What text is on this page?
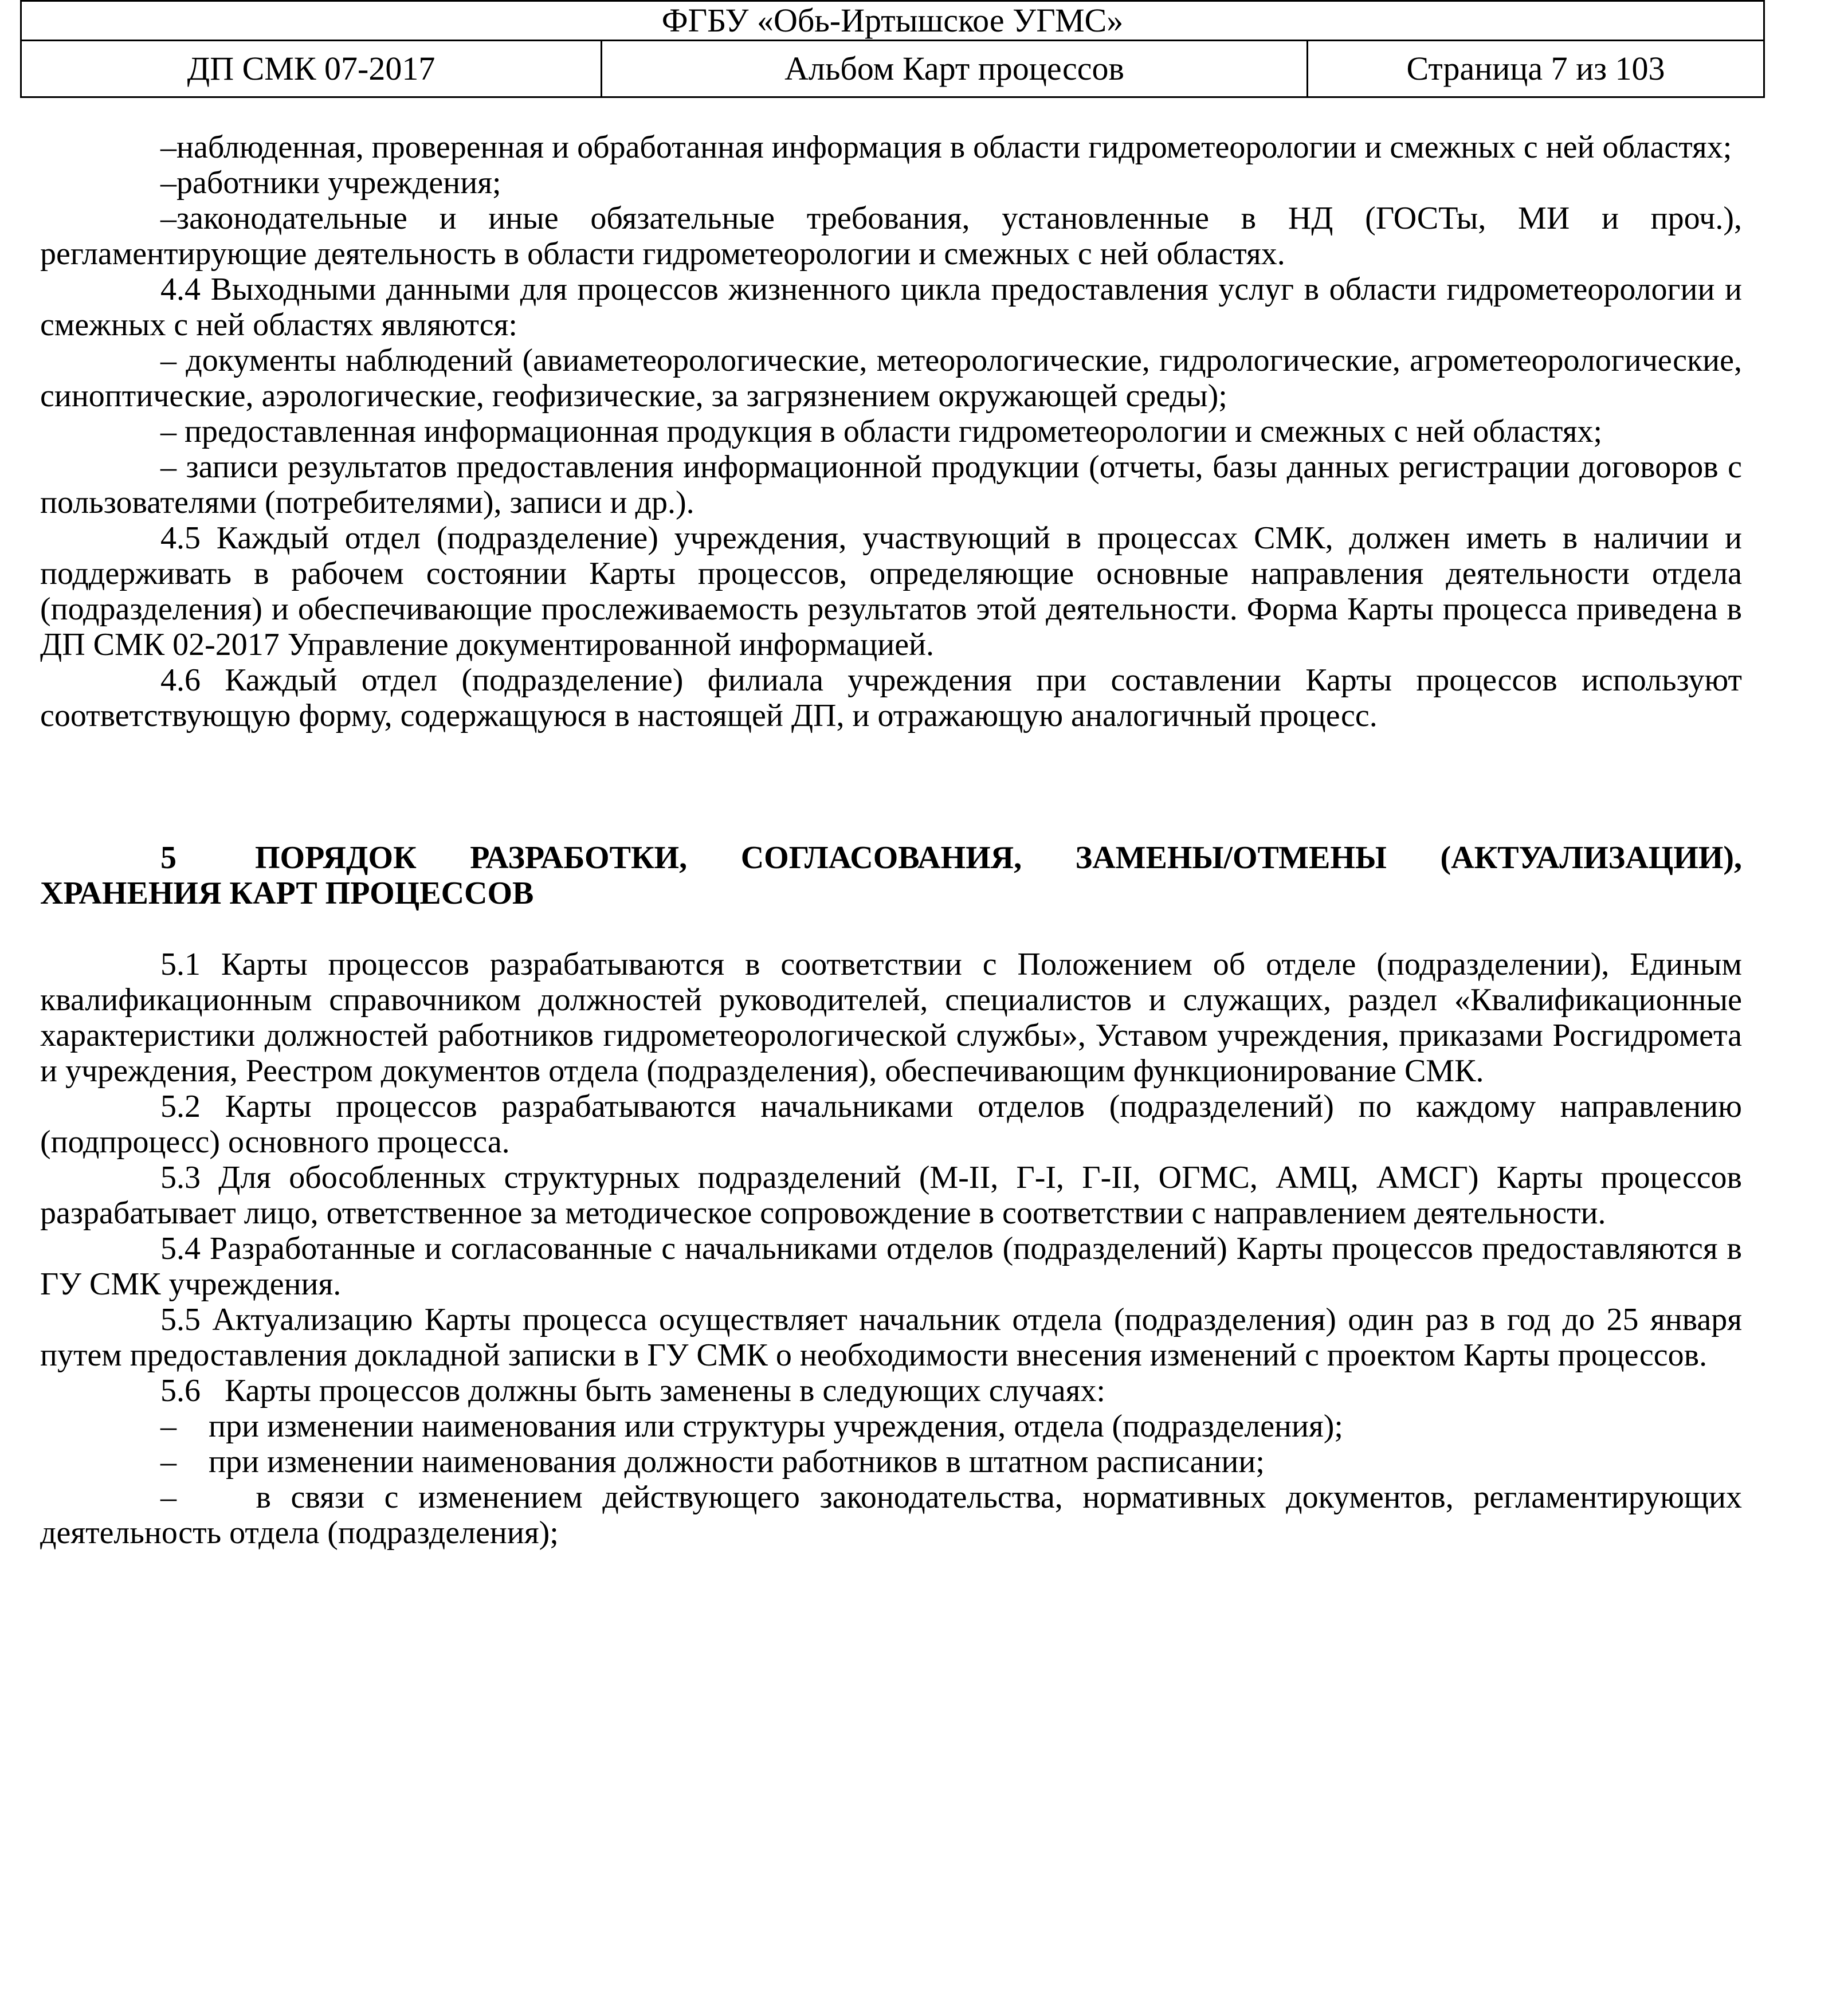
ФГБУ «Обь-Иртышское УГМС»
ДП СМК 07-2017	Альбом Карт процессов	Страница 7 из 103

–наблюденная, проверенная и обработанная информация в области гидрометеорологии и смежных с ней областях;

–работники учреждения;

–законодательные и иные обязательные требования, установленные в НД (ГОСТы, МИ и проч.), регламентирующие деятельность в области гидрометеорологии и смежных с ней областях.

4.4 Выходными данными для процессов жизненного цикла предоставления услуг в области гидрометеорологии и смежных с ней областях являются:

– документы наблюдений (авиаметеорологические, метеорологические, гидрологические, агрометеорологические, синоптические, аэрологические, геофизические, за загрязнением окружающей среды);

– предоставленная информационная продукция в области гидрометеорологии и смежных с ней областях;

– записи результатов предоставления информационной продукции (отчеты, базы данных регистрации договоров с пользователями (потребителями), записи и др.).

4.5 Каждый отдел (подразделение) учреждения, участвующий в процессах СМК, должен иметь в наличии и поддерживать в рабочем состоянии Карты процессов, определяющие основные направления деятельности отдела (подразделения) и обеспечивающие прослеживаемость результатов этой деятельности. Форма Карты процесса приведена в ДП СМК 02-2017 Управление документированной информацией.

4.6 Каждый отдел (подразделение) филиала учреждения при составлении Карты процессов используют соответствующую форму, содержащуюся в настоящей ДП, и отражающую аналогичный процесс.

5 ПОРЯДОК РАЗРАБОТКИ, СОГЛАСОВАНИЯ, ЗАМЕНЫ/ОТМЕНЫ (АКТУАЛИЗАЦИИ), ХРАНЕНИЯ КАРТ ПРОЦЕССОВ

5.1 Карты процессов разрабатываются в соответствии с Положением об отделе (подразделении), Единым квалификационным справочником должностей руководителей, специалистов и служащих, раздел «Квалификационные характеристики должностей работников гидрометеорологической службы», Уставом учреждения, приказами Росгидромета и учреждения, Реестром документов отдела (подразделения), обеспечивающим функционирование СМК.

5.2 Карты процессов разрабатываются начальниками отделов (подразделений) по каждому направлению (подпроцесс) основного процесса.

5.3 Для обособленных структурных подразделений (М-II, Г-I, Г-II, ОГМС, АМЦ, АМСГ) Карты процессов разрабатывает лицо, ответственное за методическое сопровождение в соответствии с направлением деятельности.

5.4 Разработанные и согласованные с начальниками отделов (подразделений) Карты процессов предоставляются в ГУ СМК учреждения.

5.5 Актуализацию Карты процесса осуществляет начальник отдела (подразделения) один раз в год до 25 января путем предоставления докладной записки в ГУ СМК о необходимости внесения изменений с проектом Карты процессов.

5.6   Карты процессов должны быть заменены в следующих случаях:

–    при изменении наименования или структуры учреждения, отдела (подразделения);

–    при изменении наименования должности работников в штатном расписании;

–    в связи с изменением действующего законодательства, нормативных документов, регламентирующих деятельность отдела (подразделения);
